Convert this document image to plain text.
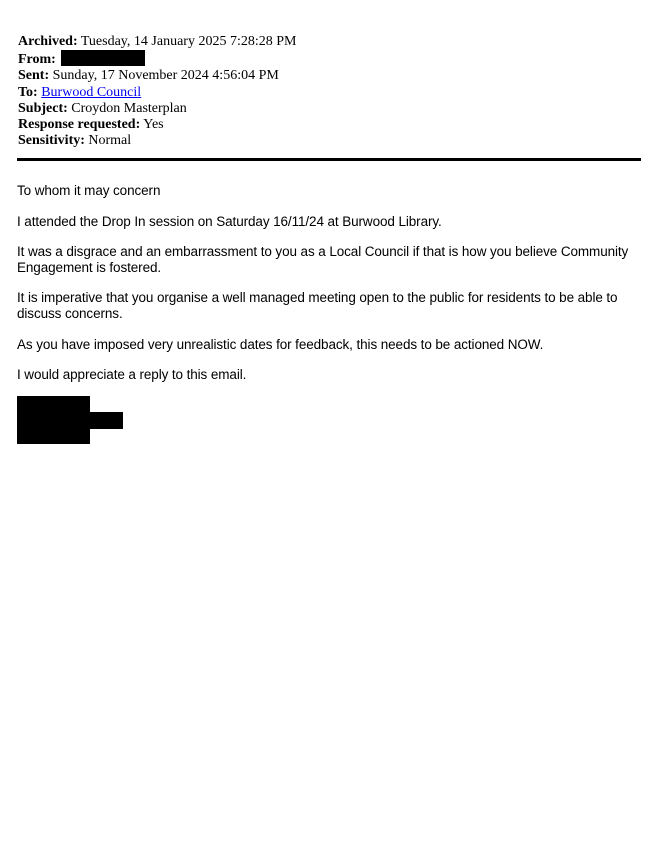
Archived: Tuesday, 14 January 2025 7:28:28 PM
From:
Sent: Sunday, 17 November 2024 4:56:04 PM
To: Burwood Council
Subject: Croydon Masterplan
Response requested: Yes
Sensitivity: Normal

To whom it may concern

I attended the Drop In session on Saturday 16/11/24 at Burwood Library.

It was a disgrace and an embarrassment to you as a Local Council if that is how you believe Community Engagement is fostered.

It is imperative that you organise a well managed meeting open to the public for residents to be able to discuss concerns.

As you have imposed very unrealistic dates for feedback, this needs to be actioned NOW.

I would appreciate a reply to this email.
